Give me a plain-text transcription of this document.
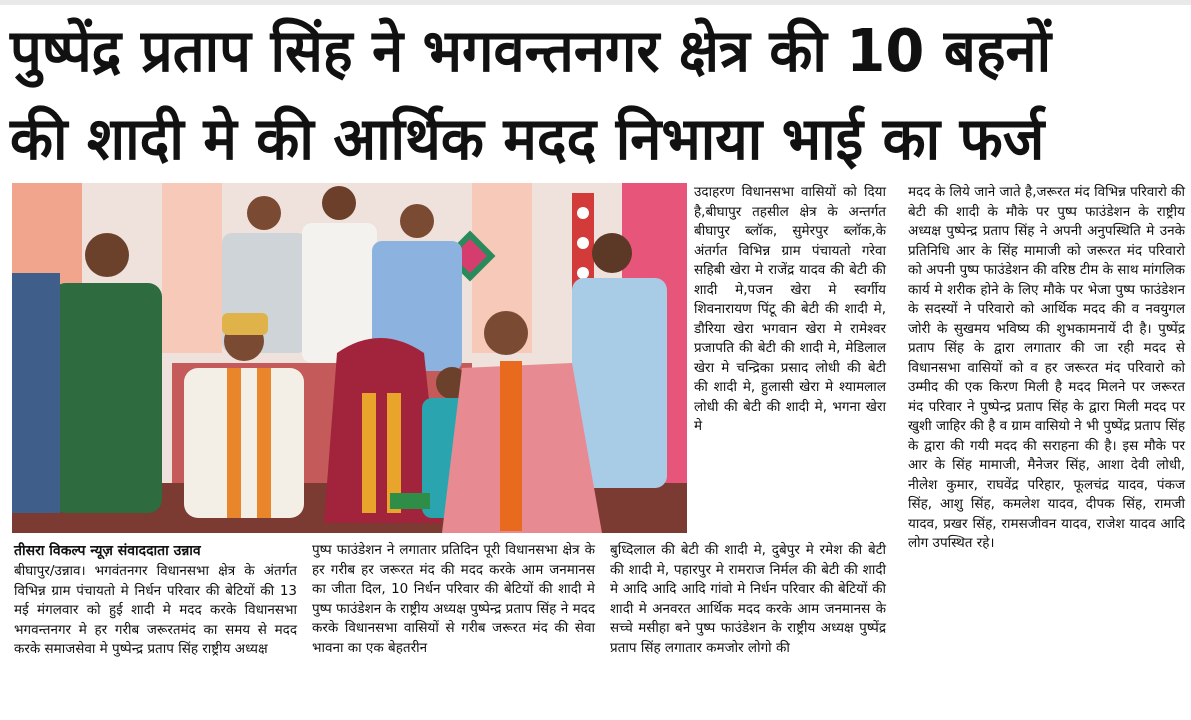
पुष्पेंद्र प्रताप सिंह ने भगवन्तनगर क्षेत्र की 10 बहनों
की शादी मे की आर्थिक मदद निभाया भाई का फर्ज
तीसरा विकल्प न्यूज़ संवाददाता उन्नाव

बीघापुर/उन्नाव। भगवंतनगर विधानसभा क्षेत्र के अंतर्गत विभिन्न ग्राम पंचायतो मे निर्धन परिवार की बेटियों की 13 मई मंगलवार को हुई शादी मे मदद करके विधानसभा भगवन्तनगर मे हर गरीब जरूरतमंद का समय से मदद करके समाजसेवा मे पुष्पेन्द्र प्रताप सिंह राष्ट्रीय अध्यक्ष

पुष्प फाउंडेशन ने लगातार प्रतिदिन पूरी विधानसभा क्षेत्र के हर गरीब हर जरूरत मंद की मदद करके आम जनमानस का जीता दिल, 10 निर्धन परिवार की बेटियों की शादी मे पुष्प फाउंडेशन के राष्ट्रीय अध्यक्ष पुष्पेन्द्र प्रताप सिंह ने मदद करके विधानसभा वासियों से गरीब जरूरत मंद की सेवा भावना का एक बेहतरीन

उदाहरण विधानसभा वासियों को दिया है,बीघापुर तहसील क्षेत्र के अन्तर्गत बीघापुर ब्लॉक, सुमेरपुर ब्लॉक,के अंतर्गत विभिन्न ग्राम पंचायतो गरेवा सहिबी खेरा मे राजेंद्र यादव की बेटी की शादी मे,पजन खेरा मे स्वर्गीय शिवनारायण पिंटू की बेटी की शादी मे, डौरिया खेरा भगवान खेरा मे रामेश्वर प्रजापति की बेटी की शादी मे, मेडिलाल खेरा मे चन्द्रिका प्रसाद लोधी की बेटी की शादी मे, हुलासी खेरा मे श्यामलाल लोधी की बेटी की शादी मे, भगना खेरा मे

बुध्दिलाल की बेटी की शादी मे, दुबेपुर मे रमेश की बेटी की शादी मे, पहारपुर मे रामराज निर्मल की बेटी की शादी मे आदि आदि आदि गांवो मे निर्धन परिवार की बेटियों की शादी मे अनवरत आर्थिक मदद करके आम जनमानस के सच्चे मसीहा बने पुष्प फाउंडेशन के राष्ट्रीय अध्यक्ष पुष्पेंद्र प्रताप सिंह लगातार कमजोर लोगो की

मदद के लिये जाने जाते है,जरूरत मंद विभिन्न परिवारो की बेटी की शादी के मौके पर पुष्प फाउंडेशन के राष्ट्रीय अध्यक्ष पुष्पेन्द्र प्रताप सिंह ने अपनी अनुपस्थिति मे उनके प्रतिनिधि आर के सिंह मामाजी को जरूरत मंद परिवारो को अपनी पुष्प फाउंडेशन की वरिष्ठ टीम के साथ मांगलिक कार्य मे शरीक होने के लिए मौके पर भेजा पुष्प फाउंडेशन के सदस्यों ने परिवारो को आर्थिक मदद की व नवयुगल जोरी के सुखमय भविष्य की शुभकामनायें दी है। पुष्पेंद्र प्रताप सिंह के द्वारा लगातार की जा रही मदद से विधानसभा वासियों को व हर जरूरत मंद परिवारो को उम्मीद की एक किरण मिली है मदद मिलने पर जरूरत मंद परिवार ने पुष्पेन्द्र प्रताप सिंह के द्वारा मिली मदद पर खुशी जाहिर की है व ग्राम वासियो ने भी पुष्पेंद्र प्रताप सिंह के द्वारा की गयी मदद की सराहना की है। इस मौके पर आर के सिंह मामाजी, मैनेजर सिंह, आशा देवी लोधी, नीलेश कुमार, राघवेंद्र परिहार, फूलचंद्र यादव, पंकज सिंह, आशु सिंह, कमलेश यादव, दीपक सिंह, रामजी यादव, प्रखर सिंह, रामसजीवन यादव, राजेश यादव आदि लोग उपस्थित रहे।
